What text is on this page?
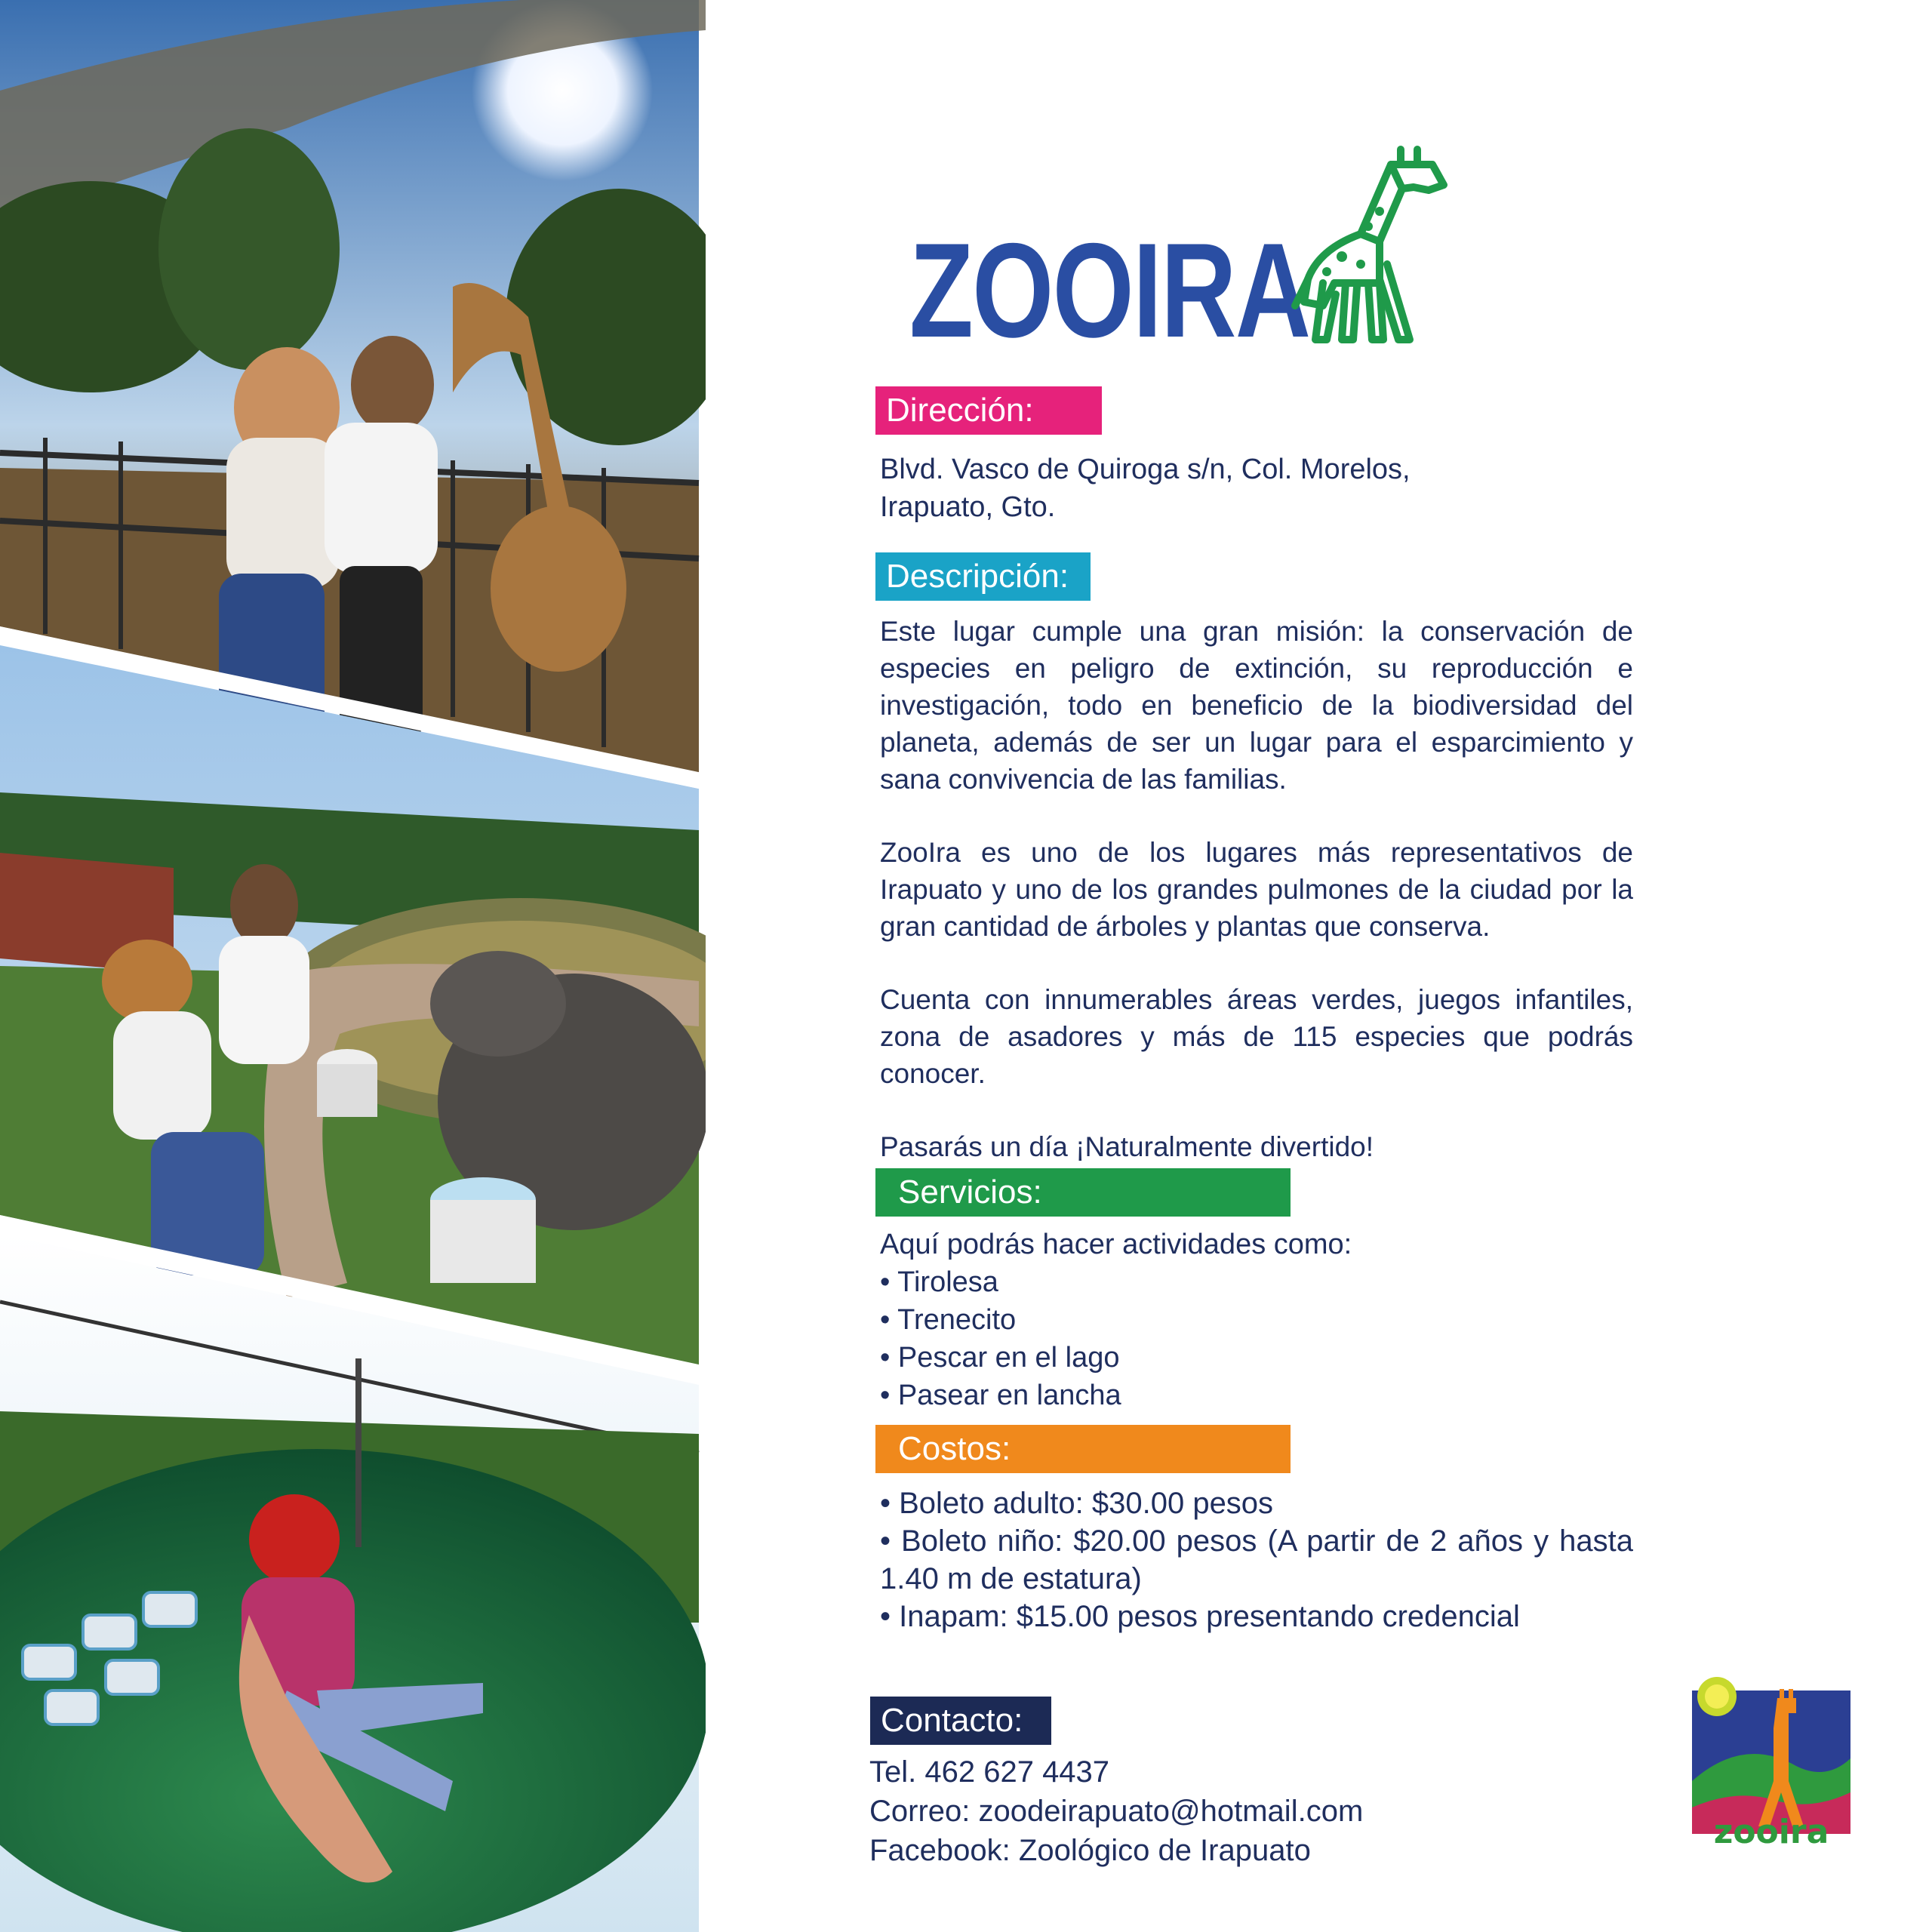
ZOOIRA
Dirección:
Blvd. Vasco de Quiroga s/n, Col. Morelos,
Irapuato, Gto.
Descripción:

Este lugar cumple una gran misión: la conservación de especies en peligro de extinción, su reproducción e investigación, todo en beneficio de la biodiversidad del planeta, además de ser un lugar para el esparcimiento y sana convivencia de las familias.

ZooIra es uno de los lugares más representativos de Irapuato y uno de los grandes pulmones de la ciudad por la gran cantidad de árboles y plantas que conserva.

Cuenta con innumerables áreas verdes, juegos infantiles, zona de asadores y más de 115 especies que podrás conocer.

Pasarás un día ¡Naturalmente divertido!

Servicios:
Aquí podrás hacer actividades como:
• Tirolesa
• Trenecito
• Pescar en el lago
• Pasear en lancha
Costos:
• Boleto adulto: $30.00 pesos
• Boleto niño: $20.00 pesos (A partir de 2 años y hasta 1.40 m de estatura)
• Inapam: $15.00 pesos presentando credencial
Contacto:
Tel. 462 627 4437
Correo: zoodeirapuato@hotmail.com
Facebook: Zoológico de Irapuato	zooira
